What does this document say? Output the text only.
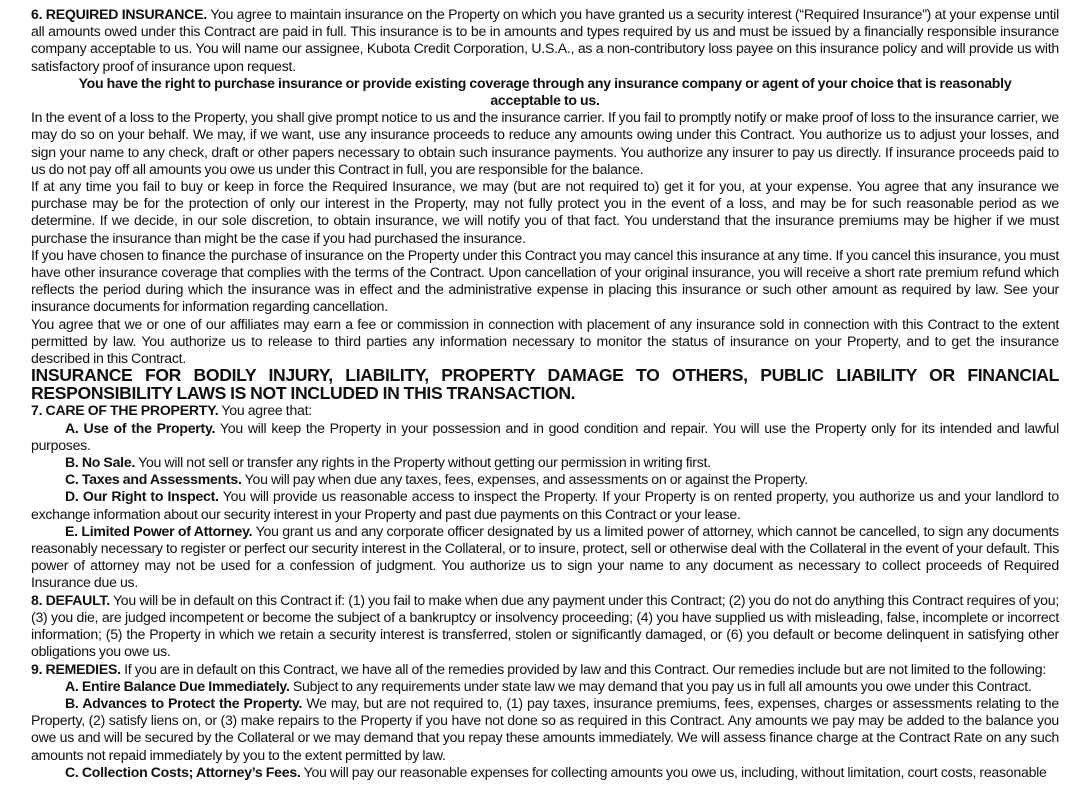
6. REQUIRED INSURANCE. You agree to maintain insurance on the Property on which you have granted us a security interest (“Required Insurance”) at your expense until all amounts owed under this Contract are paid in full. This insurance is to be in amounts and types required by us and must be issued by a financially responsible insurance company acceptable to us. You will name our assignee, Kubota Credit Corporation, U.S.A., as a non-contributory loss payee on this insurance policy and will provide us with satisfactory proof of insurance upon request.

You have the right to purchase insurance or provide existing coverage through any insurance company or agent of your choice that is reasonably acceptable to us.

In the event of a loss to the Property, you shall give prompt notice to us and the insurance carrier. If you fail to promptly notify or make proof of loss to the insurance carrier, we may do so on your behalf. We may, if we want, use any insurance proceeds to reduce any amounts owing under this Contract. You authorize us to adjust your losses, and sign your name to any check, draft or other papers necessary to obtain such insurance payments. You authorize any insurer to pay us directly. If insurance proceeds paid to us do not pay off all amounts you owe us under this Contract in full, you are responsible for the balance.

If at any time you fail to buy or keep in force the Required Insurance, we may (but are not required to) get it for you, at your expense. You agree that any insurance we purchase may be for the protection of only our interest in the Property, may not fully protect you in the event of a loss, and may be for such reasonable period as we determine. If we decide, in our sole discretion, to obtain insurance, we will notify you of that fact. You understand that the insurance premiums may be higher if we must purchase the insurance than might be the case if you had purchased the insurance.

If you have chosen to finance the purchase of insurance on the Property under this Contract you may cancel this insurance at any time. If you cancel this insurance, you must have other insurance coverage that complies with the terms of the Contract. Upon cancellation of your original insurance, you will receive a short rate premium refund which reflects the period during which the insurance was in effect and the administrative expense in placing this insurance or such other amount as required by law. See your insurance documents for information regarding cancellation.

You agree that we or one of our affiliates may earn a fee or commission in connection with placement of any insurance sold in connection with this Contract to the extent permitted by law. You authorize us to release to third parties any information necessary to monitor the status of insurance on your Property, and to get the insurance described in this Contract.

INSURANCE FOR BODILY INJURY, LIABILITY, PROPERTY DAMAGE TO OTHERS, PUBLIC LIABILITY OR FINANCIAL RESPONSIBILITY LAWS IS NOT INCLUDED IN THIS TRANSACTION.

7. CARE OF THE PROPERTY. You agree that:

A. Use of the Property. You will keep the Property in your possession and in good condition and repair. You will use the Property only for its intended and lawful purposes.

B. No Sale. You will not sell or transfer any rights in the Property without getting our permission in writing first.

C. Taxes and Assessments. You will pay when due any taxes, fees, expenses, and assessments on or against the Property.

D. Our Right to Inspect. You will provide us reasonable access to inspect the Property. If your Property is on rented property, you authorize us and your landlord to exchange information about our security interest in your Property and past due payments on this Contract or your lease.

E. Limited Power of Attorney. You grant us and any corporate officer designated by us a limited power of attorney, which cannot be cancelled, to sign any documents reasonably necessary to register or perfect our security interest in the Collateral, or to insure, protect, sell or otherwise deal with the Collateral in the event of your default. This power of attorney may not be used for a confession of judgment. You authorize us to sign your name to any document as necessary to collect proceeds of Required Insurance due us.

8. DEFAULT. You will be in default on this Contract if: (1) you fail to make when due any payment under this Contract; (2) you do not do anything this Contract requires of you; (3) you die, are judged incompetent or become the subject of a bankruptcy or insolvency proceeding; (4) you have supplied us with misleading, false, incomplete or incorrect information; (5) the Property in which we retain a security interest is transferred, stolen or significantly damaged, or (6) you default or become delinquent in satisfying other obligations you owe us.

9. REMEDIES. If you are in default on this Contract, we have all of the remedies provided by law and this Contract. Our remedies include but are not limited to the following:

A. Entire Balance Due Immediately. Subject to any requirements under state law we may demand that you pay us in full all amounts you owe under this Contract.

B. Advances to Protect the Property. We may, but are not required to, (1) pay taxes, insurance premiums, fees, expenses, charges or assessments relating to the Property, (2) satisfy liens on, or (3) make repairs to the Property if you have not done so as required in this Contract. Any amounts we pay may be added to the balance you owe us and will be secured by the Collateral or we may demand that you repay these amounts immediately. We will assess finance charge at the Contract Rate on any such amounts not repaid immediately by you to the extent permitted by law.

C. Collection Costs; Attorney’s Fees. You will pay our reasonable expenses for collecting amounts you owe us, including, without limitation, court costs, reasonable
